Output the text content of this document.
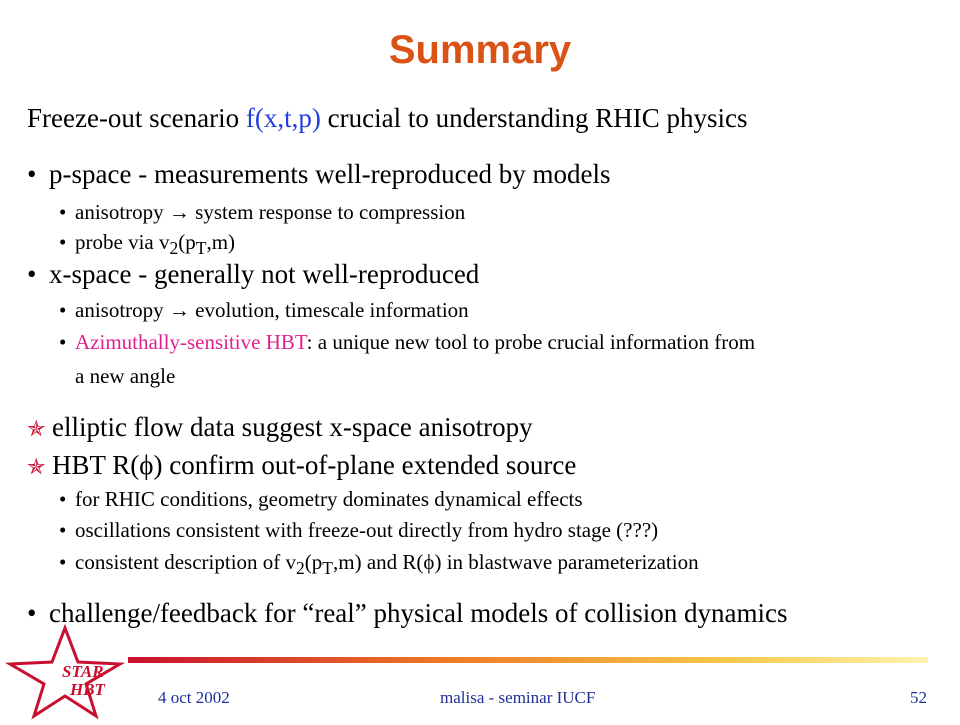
Summary
Freeze-out scenario f(x,t,p) crucial to understanding RHIC physics
• p-space - measurements well-reproduced by models
• anisotropy → system response to compression
• probe via $v_2(p_T,m)$
• x-space - generally not well-reproduced
• anisotropy → evolution, timescale information
• Azimuthally-sensitive HBT: a unique new tool to probe crucial information from
a new angle
✯ elliptic flow data suggest x-space anisotropy
✯ HBT R(ϕ) confirm out-of-plane extended source
• for RHIC conditions, geometry dominates dynamical effects
• oscillations consistent with freeze-out directly from hydro stage (???)
• consistent description of $v_2(p_T,m)$ and R(ϕ) in blastwave parameterization
• challenge/feedback for “real” physical models of collision dynamics
STAR
HBT	4 oct 2002	malisa - seminar IUCF	52
